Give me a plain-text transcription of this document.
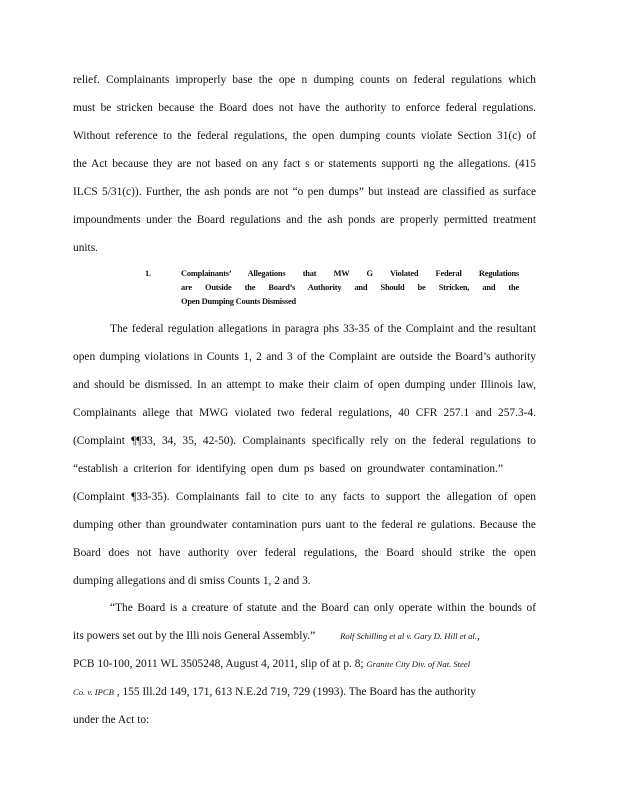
relief. Complainants improperly base the ope n dumping counts on federal regulations which
must be stricken because the Board does not have the authority to enforce federal regulations.
Without reference to the federal regulations, the open dumping counts violate Section 31(c) of
the Act because they are not based on any fact s or statements supporti ng the allegations. (415
ILCS 5/31(c)). Further, the ash ponds are not “o pen dumps” but instead are classified as surface
impoundments under the Board regulations and the ash ponds are properly permitted treatment
units.
1.	Complainants’ Allegations that MW G Violated Federal Regulations
are Outside the Board’s Authority and Should be Stricken, and the
Open Dumping Counts Dismissed
The federal regulation allegations in paragra phs 33-35 of the Complaint and the resultant
open dumping violations in Counts 1, 2 and 3 of the Complaint are outside the Board’s authority
and should be dismissed. In an attempt to make their claim of open dumping under Illinois law,
Complainants allege that MWG violated two federal regulations, 40 CFR 257.1 and 257.3-4.
(Complaint ¶¶33, 34, 35, 42-50). Complainants specifically rely on the federal regulations to
“establish a criterion for identifying open dum ps based on groundwater contamination.”
(Complaint ¶33-35). Complainants fail to cite to any facts to support the allegation of open
dumping other than groundwater contamination purs uant to the federal re gulations. Because the
Board does not have authority over federal regulations, the Board should strike the open
dumping allegations and di smiss Counts 1, 2 and 3.
“The Board is a creature of statute and the Board can only operate within the bounds of
its powers set out by the Illi nois General Assembly.”	Rolf Schilling et al v. Gary D. Hill et al.,
PCB 10-100, 2011 WL 3505248, August 4, 2011, slip of at p. 8; Granite City Div. of Nat. Steel
Co. v. IPCB , 155 Ill.2d 149, 171, 613 N.E.2d 719, 729 (1993). The Board has the authority
under the Act to:
